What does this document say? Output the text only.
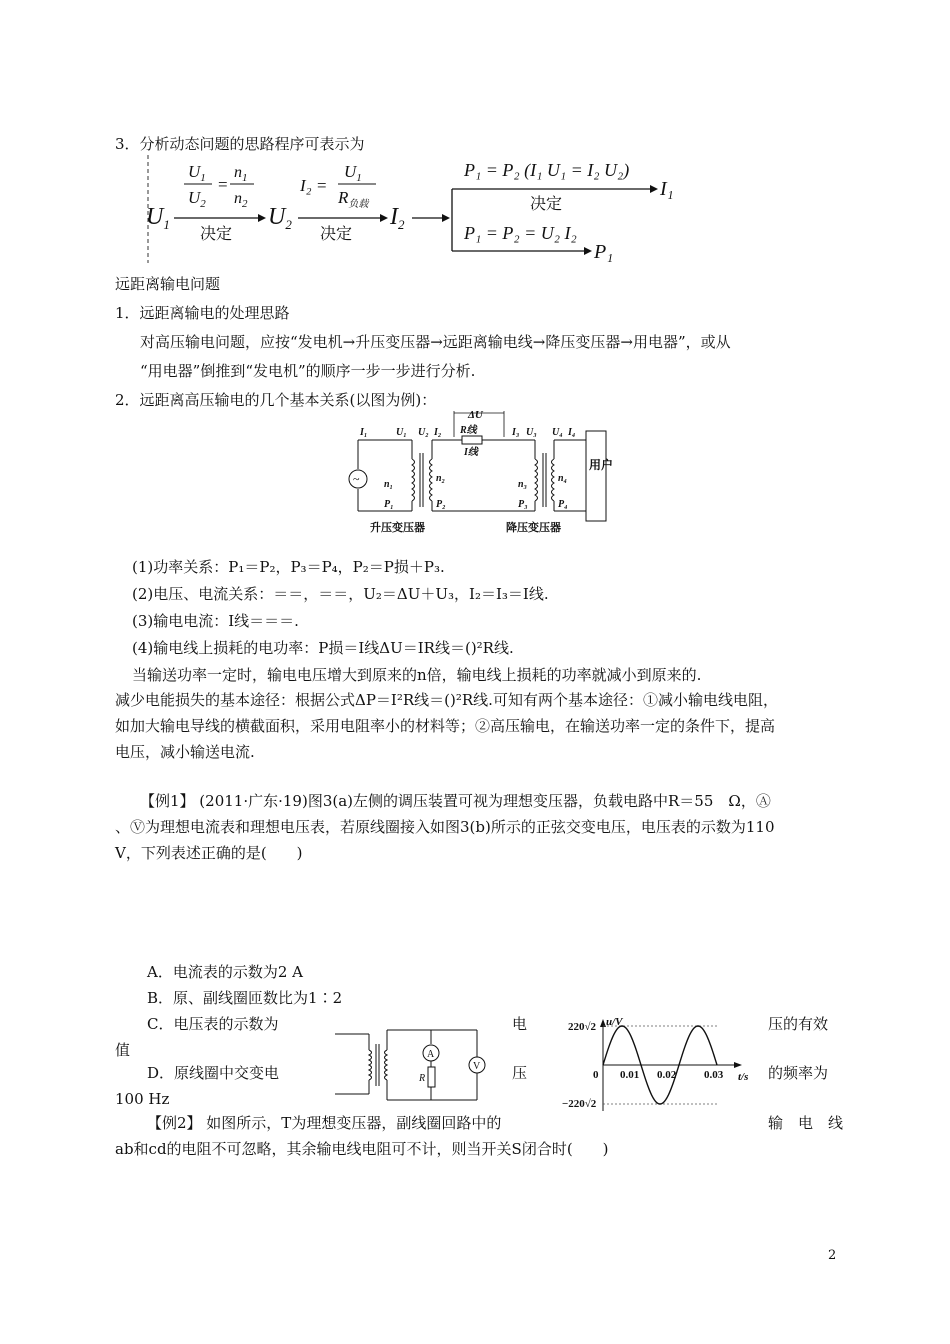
3．分析动态问题的思路程序可表示为
$U_1$
$U_1$
$U_2$
=
$n_1$
$n_2$
决定
$U_2$
I₂ =
$U_1$
$R_{负载}$
决定
$I_2$
P₁ = P₂ (I₁ U₁ = I₂ U₂)
I₁
决定
P₁ = P₂ = U₂ I₂
P₁
远距离输电问题
1．远距离输电的处理思路
对高压输电问题，应按“发电机→升压变压器→远距离输电线→降压变压器→用电器”，或从
“用电器”倒推到“发电机”的顺序一步一步进行分析.
2．远距离高压输电的几个基本关系(以图为例)：
ΔU
~
R线
I线
用户
I₁	U₁ U₂ I₂	I₃ U₃ U₄ I₄
n₁
n₂
n₃
n₄
P₁	P₂	P₃	P₄
升压变压器	降压变压器
(1)功率关系：P₁＝P₂，P₃＝P₄，P₂＝P损＋P₃.
(2)电压、电流关系：＝＝，＝＝，U₂＝ΔU＋U₃，I₂＝I₃＝I线.
(3)输电电流：I线＝＝＝.
(4)输电线上损耗的电功率：P损＝I线ΔU＝IR线＝()²R线.
当输送功率一定时，输电电压增大到原来的n倍，输电线上损耗的功率就减小到原来的.
减少电能损失的基本途径：根据公式ΔP＝I²R线＝()²R线.可知有两个基本途径：①减小输电线电阻，
如加大输电导线的横截面积，采用电阻率小的材料等；②高压输电，在输送功率一定的条件下，提高
电压，减小输送电流.
【例1】 (2011·广东·19)图3(a)左侧的调压装置可视为理想变压器，负载电路中R＝55　Ω，Ⓐ
、Ⓥ为理想电流表和理想电压表，若原线圈接入如图3(b)所示的正弦交变电压，电压表的示数为110
V，下列表述正确的是(　　)
A．电流表的示数为2 A
B．原、副线圈匝数比为1∶2
C．电压表的示数为	电	压的有效
值
D．原线圈中交变电	压	的频率为
100 Hz
A
R
V
u/V
t/s
220√2
−220√2
0 0.01 0.02	0.03
【例2】 如图所示，T为理想变压器，副线圈回路中的	输　电　线
ab和cd的电阻不可忽略，其余输电线电阻可不计，则当开关S闭合时(　　)
2
